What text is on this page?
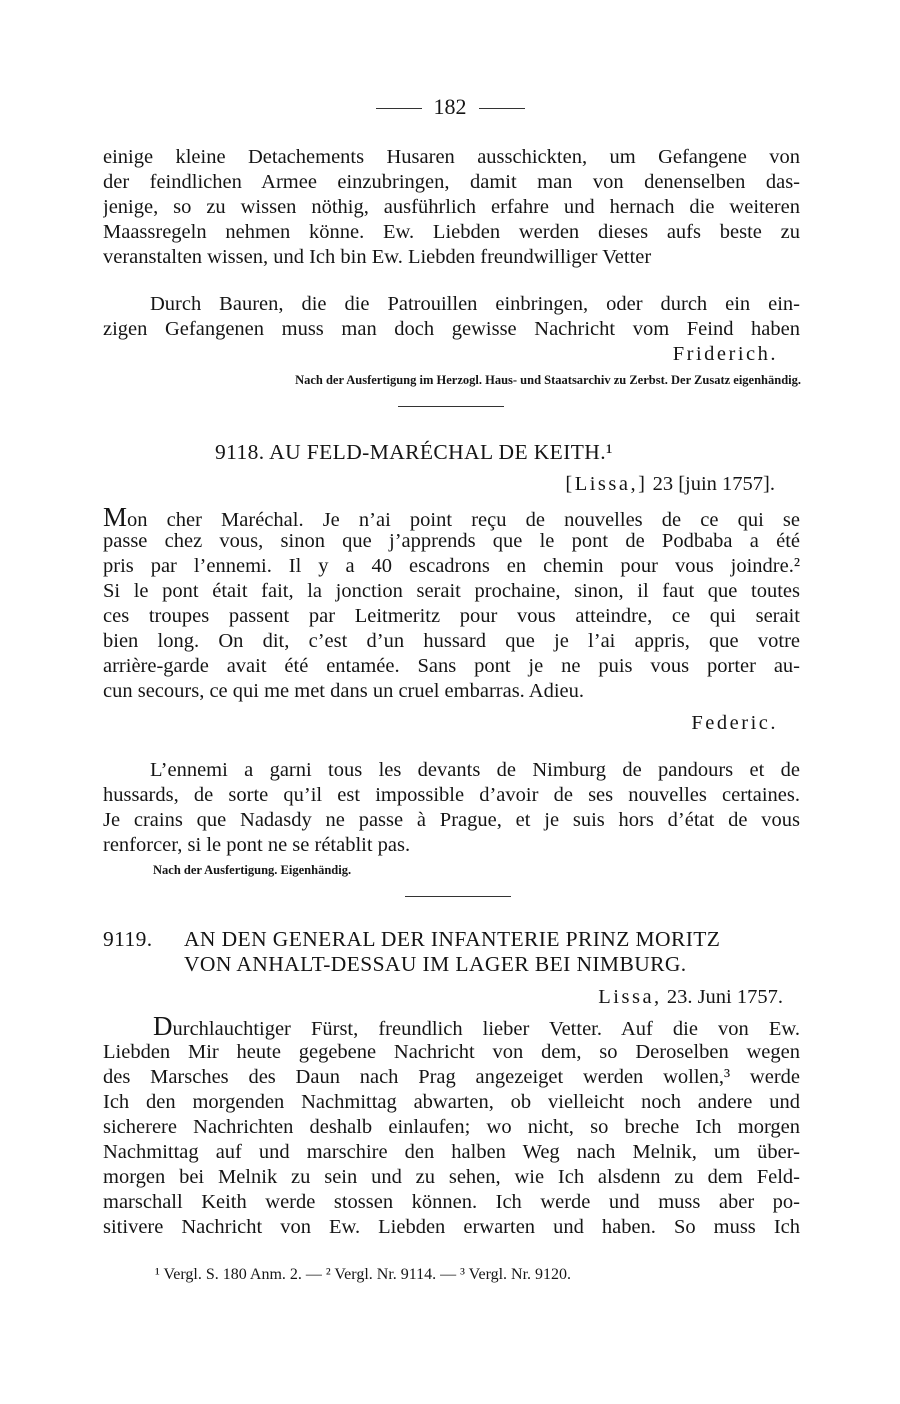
182
einige kleine Detachements Husaren ausschickten, um Gefangene von
der feindlichen Armee einzubringen, damit man von denenselben das-
jenige, so zu wissen nöthig, ausführlich erfahre und hernach die weiteren
Maassregeln nehmen könne. Ew. Liebden werden dieses aufs beste zu
veranstalten wissen, und Ich bin Ew. Liebden freundwilliger Vetter
Durch Bauren, die die Patrouillen einbringen, oder durch ein ein-
zigen Gefangenen muss man doch gewisse Nachricht vom Feind haben
Friderich.
Nach der Ausfertigung im Herzogl. Haus- und Staatsarchiv zu Zerbst. Der Zusatz eigenhändig.
9118. AU FELD-MARÉCHAL DE KEITH.¹
[Lissa,] 23 [juin 1757].
Mon cher Maréchal. Je n’ai point reçu de nouvelles de ce qui se
passe chez vous, sinon que j’apprends que le pont de Podbaba a été
pris par l’ennemi. Il y a 40 escadrons en chemin pour vous joindre.²
Si le pont était fait, la jonction serait prochaine, sinon, il faut que toutes
ces troupes passent par Leitmeritz pour vous atteindre, ce qui serait
bien long. On dit, c’est d’un hussard que je l’ai appris, que votre
arrière-garde avait été entamée. Sans pont je ne puis vous porter au-
cun secours, ce qui me met dans un cruel embarras. Adieu.
Federic.
L’ennemi a garni tous les devants de Nimburg de pandours et de
hussards, de sorte qu’il est impossible d’avoir de ses nouvelles certaines.
Je crains que Nadasdy ne passe à Prague, et je suis hors d’état de vous
renforcer, si le pont ne se rétablit pas.
Nach der Ausfertigung. Eigenhändig.
9119.	AN DEN GENERAL DER INFANTERIE PRINZ MORITZ
VON ANHALT-DESSAU IM LAGER BEI NIMBURG.
Lissa, 23. Juni 1757.
Durchlauchtiger Fürst, freundlich lieber Vetter. Auf die von Ew.
Liebden Mir heute gegebene Nachricht von dem, so Deroselben wegen
des Marsches des Daun nach Prag angezeiget werden wollen,³ werde
Ich den morgenden Nachmittag abwarten, ob vielleicht noch andere und
sicherere Nachrichten deshalb einlaufen; wo nicht, so breche Ich morgen
Nachmittag auf und marschire den halben Weg nach Melnik, um über-
morgen bei Melnik zu sein und zu sehen, wie Ich alsdenn zu dem Feld-
marschall Keith werde stossen können. Ich werde und muss aber po-
sitivere Nachricht von Ew. Liebden erwarten und haben. So muss Ich
¹ Vergl. S. 180 Anm. 2. — ² Vergl. Nr. 9114. — ³ Vergl. Nr. 9120.
